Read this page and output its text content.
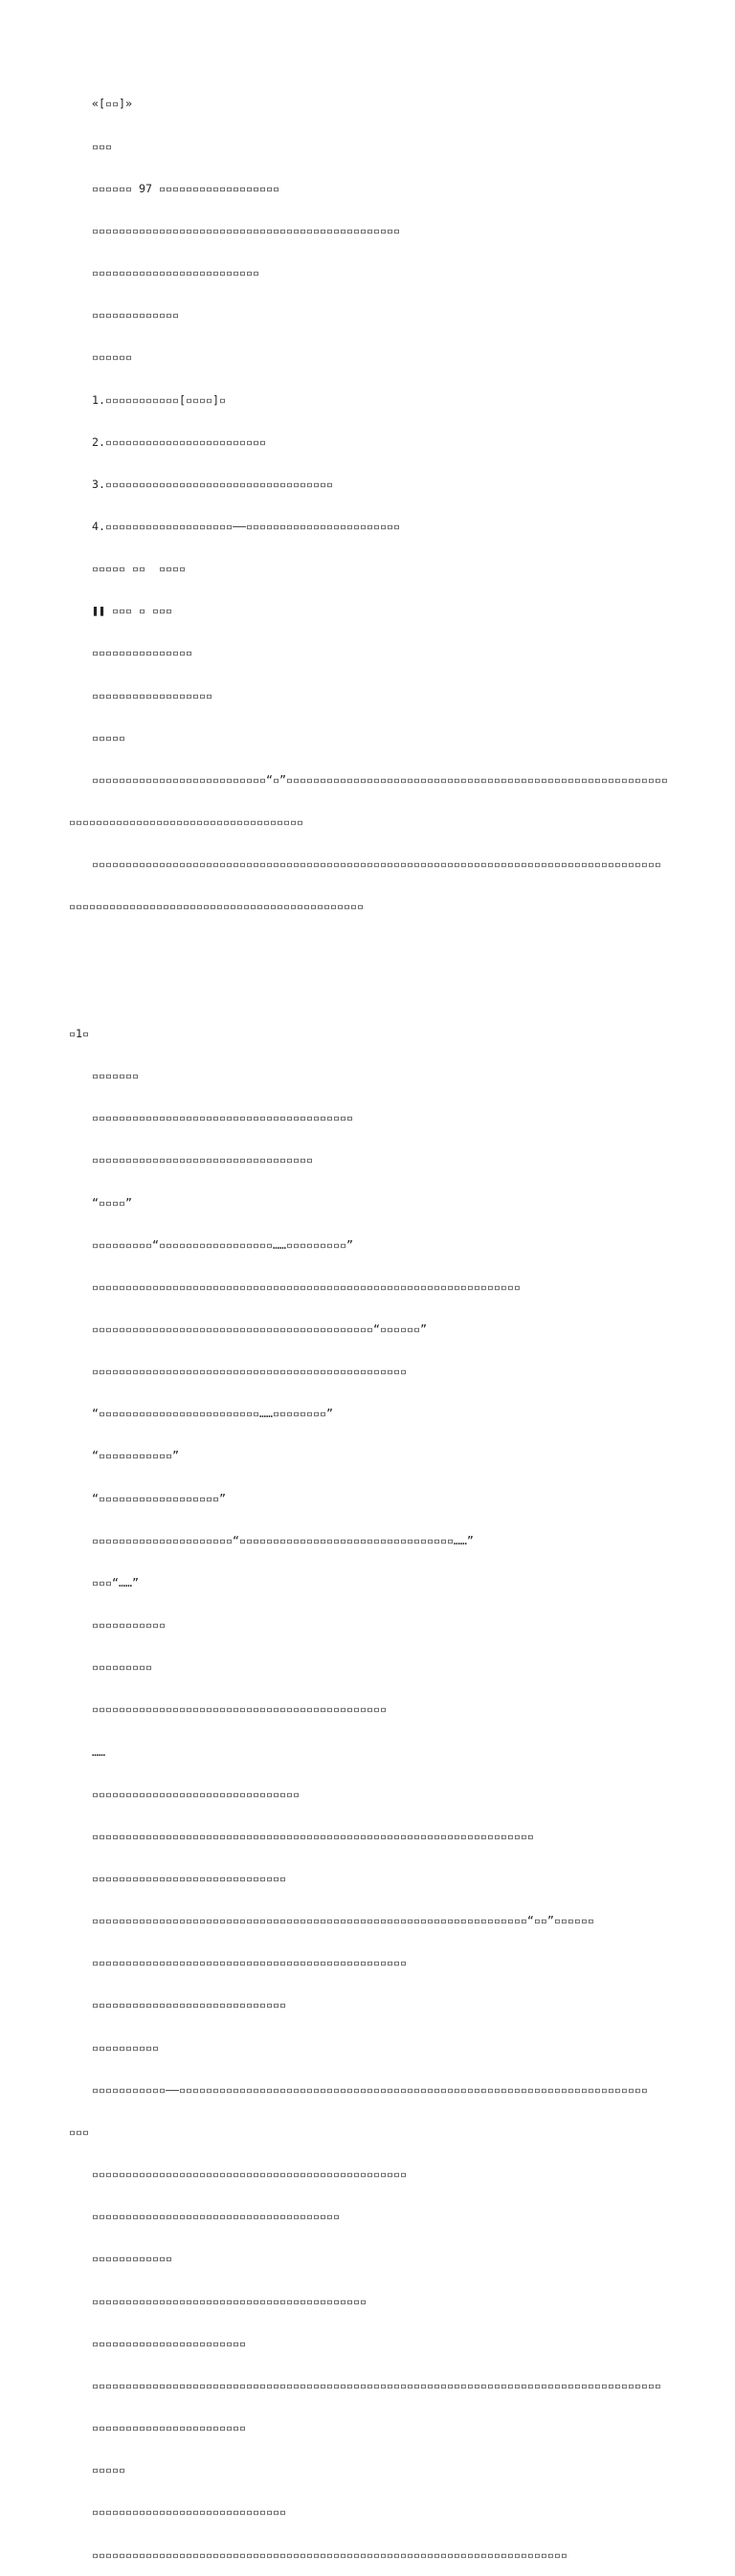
«[▫▫]»

▫▫▫

▫▫▫▫▫▫ 97 ▫▫▫▫▫▫▫▫▫▫▫▫▫▫▫▫▫▫

▫▫▫▫▫▫▫▫▫▫▫▫▫▫▫▫▫▫▫▫▫▫▫▫▫▫▫▫▫▫▫▫▫▫▫▫▫▫▫▫▫▫▫▫▫▫

▫▫▫▫▫▫▫▫▫▫▫▫▫▫▫▫▫▫▫▫▫▫▫▫▫

▫▫▫▫▫▫▫▫▫▫▫▫▫

▫▫▫▫▫▫

1.▫▫▫▫▫▫▫▫▫▫▫[▫▫▫▫]▫

2.▫▫▫▫▫▫▫▫▫▫▫▫▫▫▫▫▫▫▫▫▫▫▫▫

3.▫▫▫▫▫▫▫▫▫▫▫▫▫▫▫▫▫▫▫▫▫▫▫▫▫▫▫▫▫▫▫▫▫▫

4.▫▫▫▫▫▫▫▫▫▫▫▫▫▫▫▫▫▫▫——▫▫▫▫▫▫▫▫▫▫▫▫▫▫▫▫▫▫▫▫▫▫▫

▫▫▫▫▫ ▫▫  ▫▫▫▫

❚❚ ▫▫▫ ▫ ▫▫▫

▫▫▫▫▫▫▫▫▫▫▫▫▫▫▫

▫▫▫▫▫▫▫▫▫▫▫▫▫▫▫▫▫▫

▫▫▫▫▫

▫▫▫▫▫▫▫▫▫▫▫▫▫▫▫▫▫▫▫▫▫▫▫▫▫▫“▫”▫▫▫▫▫▫▫▫▫▫▫▫▫▫▫▫▫▫▫▫▫▫▫▫▫▫▫▫▫▫▫▫▫▫▫▫▫▫▫▫▫▫▫▫▫▫▫▫▫▫▫▫▫▫▫▫▫

▫▫▫▫▫▫▫▫▫▫▫▫▫▫▫▫▫▫▫▫▫▫▫▫▫▫▫▫▫▫▫▫▫▫▫

▫▫▫▫▫▫▫▫▫▫▫▫▫▫▫▫▫▫▫▫▫▫▫▫▫▫▫▫▫▫▫▫▫▫▫▫▫▫▫▫▫▫▫▫▫▫▫▫▫▫▫▫▫▫▫▫▫▫▫▫▫▫▫▫▫▫▫▫▫▫▫▫▫▫▫▫▫▫▫▫▫▫▫▫▫

▫▫▫▫▫▫▫▫▫▫▫▫▫▫▫▫▫▫▫▫▫▫▫▫▫▫▫▫▫▫▫▫▫▫▫▫▫▫▫▫▫▫▫▫

▫1▫

▫▫▫▫▫▫▫

▫▫▫▫▫▫▫▫▫▫▫▫▫▫▫▫▫▫▫▫▫▫▫▫▫▫▫▫▫▫▫▫▫▫▫▫▫▫▫

▫▫▫▫▫▫▫▫▫▫▫▫▫▫▫▫▫▫▫▫▫▫▫▫▫▫▫▫▫▫▫▫▫

“▫▫▫▫”

▫▫▫▫▫▫▫▫▫“▫▫▫▫▫▫▫▫▫▫▫▫▫▫▫▫▫……▫▫▫▫▫▫▫▫▫”

▫▫▫▫▫▫▫▫▫▫▫▫▫▫▫▫▫▫▫▫▫▫▫▫▫▫▫▫▫▫▫▫▫▫▫▫▫▫▫▫▫▫▫▫▫▫▫▫▫▫▫▫▫▫▫▫▫▫▫▫▫▫▫▫

▫▫▫▫▫▫▫▫▫▫▫▫▫▫▫▫▫▫▫▫▫▫▫▫▫▫▫▫▫▫▫▫▫▫▫▫▫▫▫▫▫▫“▫▫▫▫▫▫”

▫▫▫▫▫▫▫▫▫▫▫▫▫▫▫▫▫▫▫▫▫▫▫▫▫▫▫▫▫▫▫▫▫▫▫▫▫▫▫▫▫▫▫▫▫▫▫

“▫▫▫▫▫▫▫▫▫▫▫▫▫▫▫▫▫▫▫▫▫▫▫▫……▫▫▫▫▫▫▫▫”

“▫▫▫▫▫▫▫▫▫▫▫”

“▫▫▫▫▫▫▫▫▫▫▫▫▫▫▫▫▫▫”

▫▫▫▫▫▫▫▫▫▫▫▫▫▫▫▫▫▫▫▫▫“▫▫▫▫▫▫▫▫▫▫▫▫▫▫▫▫▫▫▫▫▫▫▫▫▫▫▫▫▫▫▫▫……”

▫▫▫“……”

▫▫▫▫▫▫▫▫▫▫▫

▫▫▫▫▫▫▫▫▫

▫▫▫▫▫▫▫▫▫▫▫▫▫▫▫▫▫▫▫▫▫▫▫▫▫▫▫▫▫▫▫▫▫▫▫▫▫▫▫▫▫▫▫▫

……

▫▫▫▫▫▫▫▫▫▫▫▫▫▫▫▫▫▫▫▫▫▫▫▫▫▫▫▫▫▫▫

▫▫▫▫▫▫▫▫▫▫▫▫▫▫▫▫▫▫▫▫▫▫▫▫▫▫▫▫▫▫▫▫▫▫▫▫▫▫▫▫▫▫▫▫▫▫▫▫▫▫▫▫▫▫▫▫▫▫▫▫▫▫▫▫▫▫

▫▫▫▫▫▫▫▫▫▫▫▫▫▫▫▫▫▫▫▫▫▫▫▫▫▫▫▫▫

▫▫▫▫▫▫▫▫▫▫▫▫▫▫▫▫▫▫▫▫▫▫▫▫▫▫▫▫▫▫▫▫▫▫▫▫▫▫▫▫▫▫▫▫▫▫▫▫▫▫▫▫▫▫▫▫▫▫▫▫▫▫▫▫▫“▫▫”▫▫▫▫▫▫

▫▫▫▫▫▫▫▫▫▫▫▫▫▫▫▫▫▫▫▫▫▫▫▫▫▫▫▫▫▫▫▫▫▫▫▫▫▫▫▫▫▫▫▫▫▫▫

▫▫▫▫▫▫▫▫▫▫▫▫▫▫▫▫▫▫▫▫▫▫▫▫▫▫▫▫▫

▫▫▫▫▫▫▫▫▫▫

▫▫▫▫▫▫▫▫▫▫▫——▫▫▫▫▫▫▫▫▫▫▫▫▫▫▫▫▫▫▫▫▫▫▫▫▫▫▫▫▫▫▫▫▫▫▫▫▫▫▫▫▫▫▫▫▫▫▫▫▫▫▫▫▫▫▫▫▫▫▫▫▫▫▫▫▫▫▫▫▫▫

▫▫▫

▫▫▫▫▫▫▫▫▫▫▫▫▫▫▫▫▫▫▫▫▫▫▫▫▫▫▫▫▫▫▫▫▫▫▫▫▫▫▫▫▫▫▫▫▫▫▫

▫▫▫▫▫▫▫▫▫▫▫▫▫▫▫▫▫▫▫▫▫▫▫▫▫▫▫▫▫▫▫▫▫▫▫▫▫

▫▫▫▫▫▫▫▫▫▫▫▫

▫▫▫▫▫▫▫▫▫▫▫▫▫▫▫▫▫▫▫▫▫▫▫▫▫▫▫▫▫▫▫▫▫▫▫▫▫▫▫▫▫

▫▫▫▫▫▫▫▫▫▫▫▫▫▫▫▫▫▫▫▫▫▫▫

▫▫▫▫▫▫▫▫▫▫▫▫▫▫▫▫▫▫▫▫▫▫▫▫▫▫▫▫▫▫▫▫▫▫▫▫▫▫▫▫▫▫▫▫▫▫▫▫▫▫▫▫▫▫▫▫▫▫▫▫▫▫▫▫▫▫▫▫▫▫▫▫▫▫▫▫▫▫▫▫▫▫▫▫▫

▫▫▫▫▫▫▫▫▫▫▫▫▫▫▫▫▫▫▫▫▫▫▫

▫▫▫▫▫

▫▫▫▫▫▫▫▫▫▫▫▫▫▫▫▫▫▫▫▫▫▫▫▫▫▫▫▫▫

▫▫▫▫▫▫▫▫▫▫▫▫▫▫▫▫▫▫▫▫▫▫▫▫▫▫▫▫▫▫▫▫▫▫▫▫▫▫▫▫▫▫▫▫▫▫▫▫▫▫▫▫▫▫▫▫▫▫▫▫▫▫▫▫▫▫▫▫▫▫▫
